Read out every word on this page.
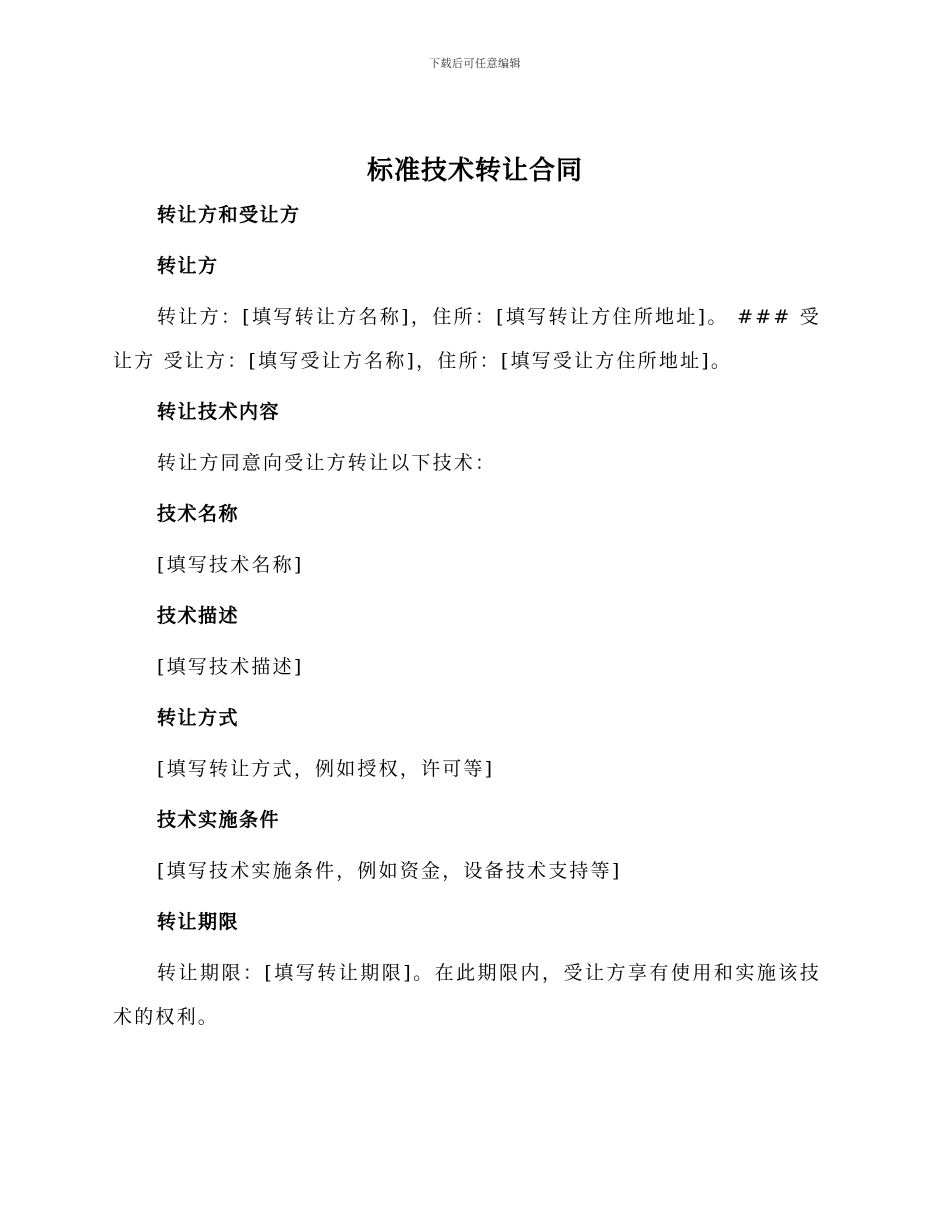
下载后可任意编辑
标准技术转让合同

转让方和受让方

转让方

转让方：[填写转让方名称]，住所：[填写转让方住所地址]。 ### 受让方 受让方：[填写受让方名称]，住所：[填写受让方住所地址]。

转让技术内容

转让方同意向受让方转让以下技术：

技术名称

[填写技术名称]

技术描述

[填写技术描述]

转让方式

[填写转让方式，例如授权，许可等]

技术实施条件

[填写技术实施条件，例如资金，设备技术支持等]

转让期限

转让期限：[填写转让期限]。在此期限内，受让方享有使用和实施该技术的权利。
